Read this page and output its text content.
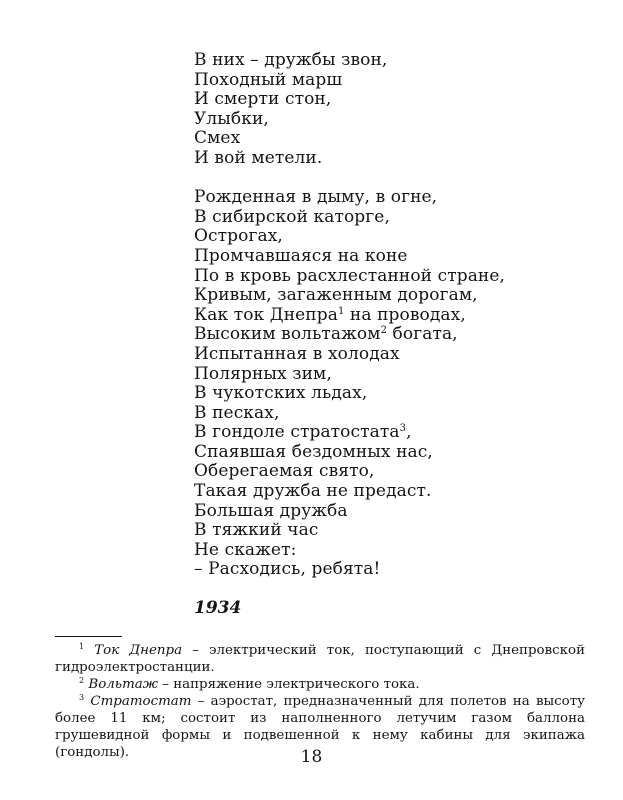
В них – дружбы звон,
Походный марш
И смерти стон,
Улыбки,
Смех
И вой метели.
Рожденная в дыму, в огне,
В сибирской каторге,
Острогах,
Промчавшаяся на коне
По в кровь расхлестанной стране,
Кривым, загаженным дорогам,
Как ток Днепра$^1$ на проводах,
Высоким вольтажом$^2$ богата,
Испытанная в холодах
Полярных зим,
В чукотских льдах,
В песках,
В гондоле стратостата$^3$,
Спаявшая бездомных нас,
Оберегаемая свято,
Такая дружба не предаст.
Большая дружба
В тяжкий час
Не скажет:
– Расходись, ребята!
1934

$^1$ Ток Днепра – электрический ток, поступающий с Днепровской гидроэлектростанции.

$^2$ Вольтаж – напряжение электрического тока.

$^3$ Стратостат – аэростат, предназначенный для полетов на высоту более 11 км; состоит из наполненного летучим газом баллона грушевидной формы и подвешенной к нему кабины для экипажа (гондолы).	18
